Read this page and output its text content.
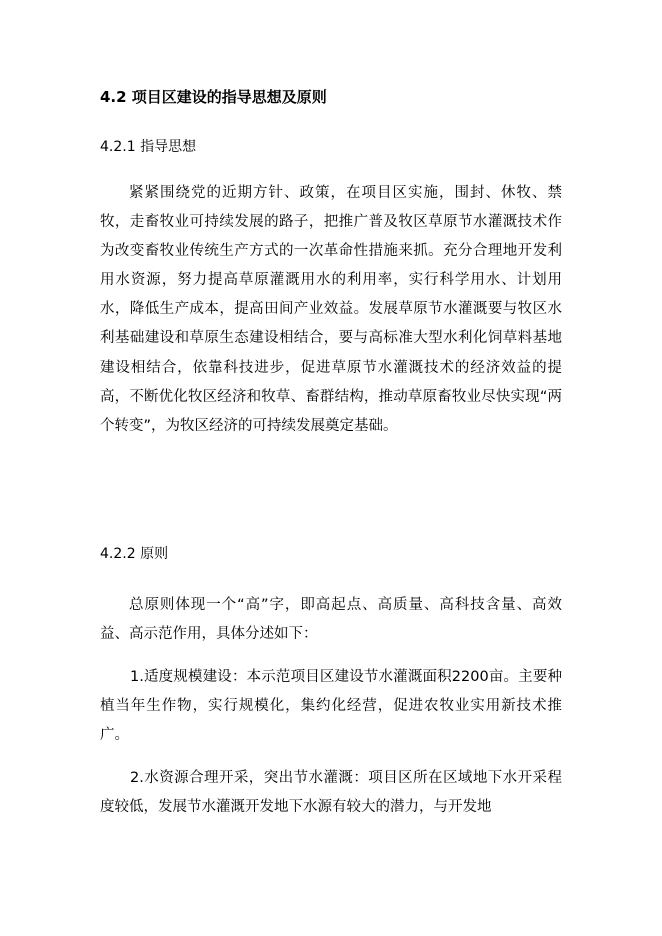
4.2 项目区建设的指导思想及原则
4.2.1 指导思想

紧紧围绕党的近期方针、政策，在项目区实施，围封、休牧、禁牧，走畜牧业可持续发展的路子，把推广普及牧区草原节水灌溉技术作为改变畜牧业传统生产方式的一次革命性措施来抓。充分合理地开发利用水资源，努力提高草原灌溉用水的利用率，实行科学用水、计划用水，降低生产成本，提高田间产业效益。发展草原节水灌溉要与牧区水利基础建设和草原生态建设相结合，要与高标准大型水利化饲草料基地建设相结合，依靠科技进步，促进草原节水灌溉技术的经济效益的提高，不断优化牧区经济和牧草、畜群结构，推动草原畜牧业尽快实现“两个转变”，为牧区经济的可持续发展奠定基础。

4.2.2 原则

总原则体现一个“高”字，即高起点、高质量、高科技含量、高效益、高示范作用，具体分述如下：

1.适度规模建设：本示范项目区建设节水灌溉面积2200亩。主要种植当年生作物，实行规模化，集约化经营，促进农牧业实用新技术推广。

2.水资源合理开采，突出节水灌溉：项目区所在区域地下水开采程度较低，发展节水灌溉开发地下水源有较大的潜力，与开发地
